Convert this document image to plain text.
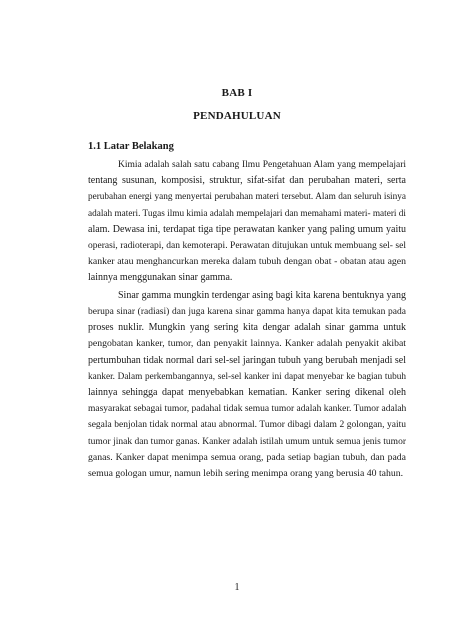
BAB I
PENDAHULUAN
1.1 Latar Belakang
Kimia adalah salah satu cabang Ilmu Pengetahuan Alam yang mempelajari
tentang susunan, komposisi, struktur, sifat-sifat dan perubahan materi, serta
perubahan energi yang menyertai perubahan materi tersebut. Alam dan seluruh isinya
adalah materi. Tugas ilmu kimia adalah mempelajari dan memahami materi- materi di
alam. Dewasa ini, terdapat tiga tipe perawatan kanker yang paling umum yaitu
operasi, radioterapi, dan kemoterapi. Perawatan ditujukan untuk membuang sel- sel
kanker atau menghancurkan mereka dalam tubuh dengan obat - obatan atau agen
lainnya menggunakan sinar gamma.
Sinar gamma mungkin terdengar asing bagi kita karena bentuknya yang
berupa sinar (radiasi) dan juga karena sinar gamma hanya dapat kita temukan pada
proses nuklir. Mungkin yang sering kita dengar adalah sinar gamma untuk
pengobatan kanker, tumor, dan penyakit lainnya. Kanker adalah penyakit akibat
pertumbuhan tidak normal dari sel-sel jaringan tubuh yang berubah menjadi sel
kanker. Dalam perkembangannya, sel-sel kanker ini dapat menyebar ke bagian tubuh
lainnya sehingga dapat menyebabkan kematian. Kanker sering dikenal oleh
masyarakat sebagai tumor, padahal tidak semua tumor adalah kanker. Tumor adalah
segala benjolan tidak normal atau abnormal. Tumor dibagi dalam 2 golongan, yaitu
tumor jinak dan tumor ganas. Kanker adalah istilah umum untuk semua jenis tumor
ganas. Kanker dapat menimpa semua orang, pada setiap bagian tubuh, dan pada
semua gologan umur, namun lebih sering menimpa orang yang berusia 40 tahun.
1
